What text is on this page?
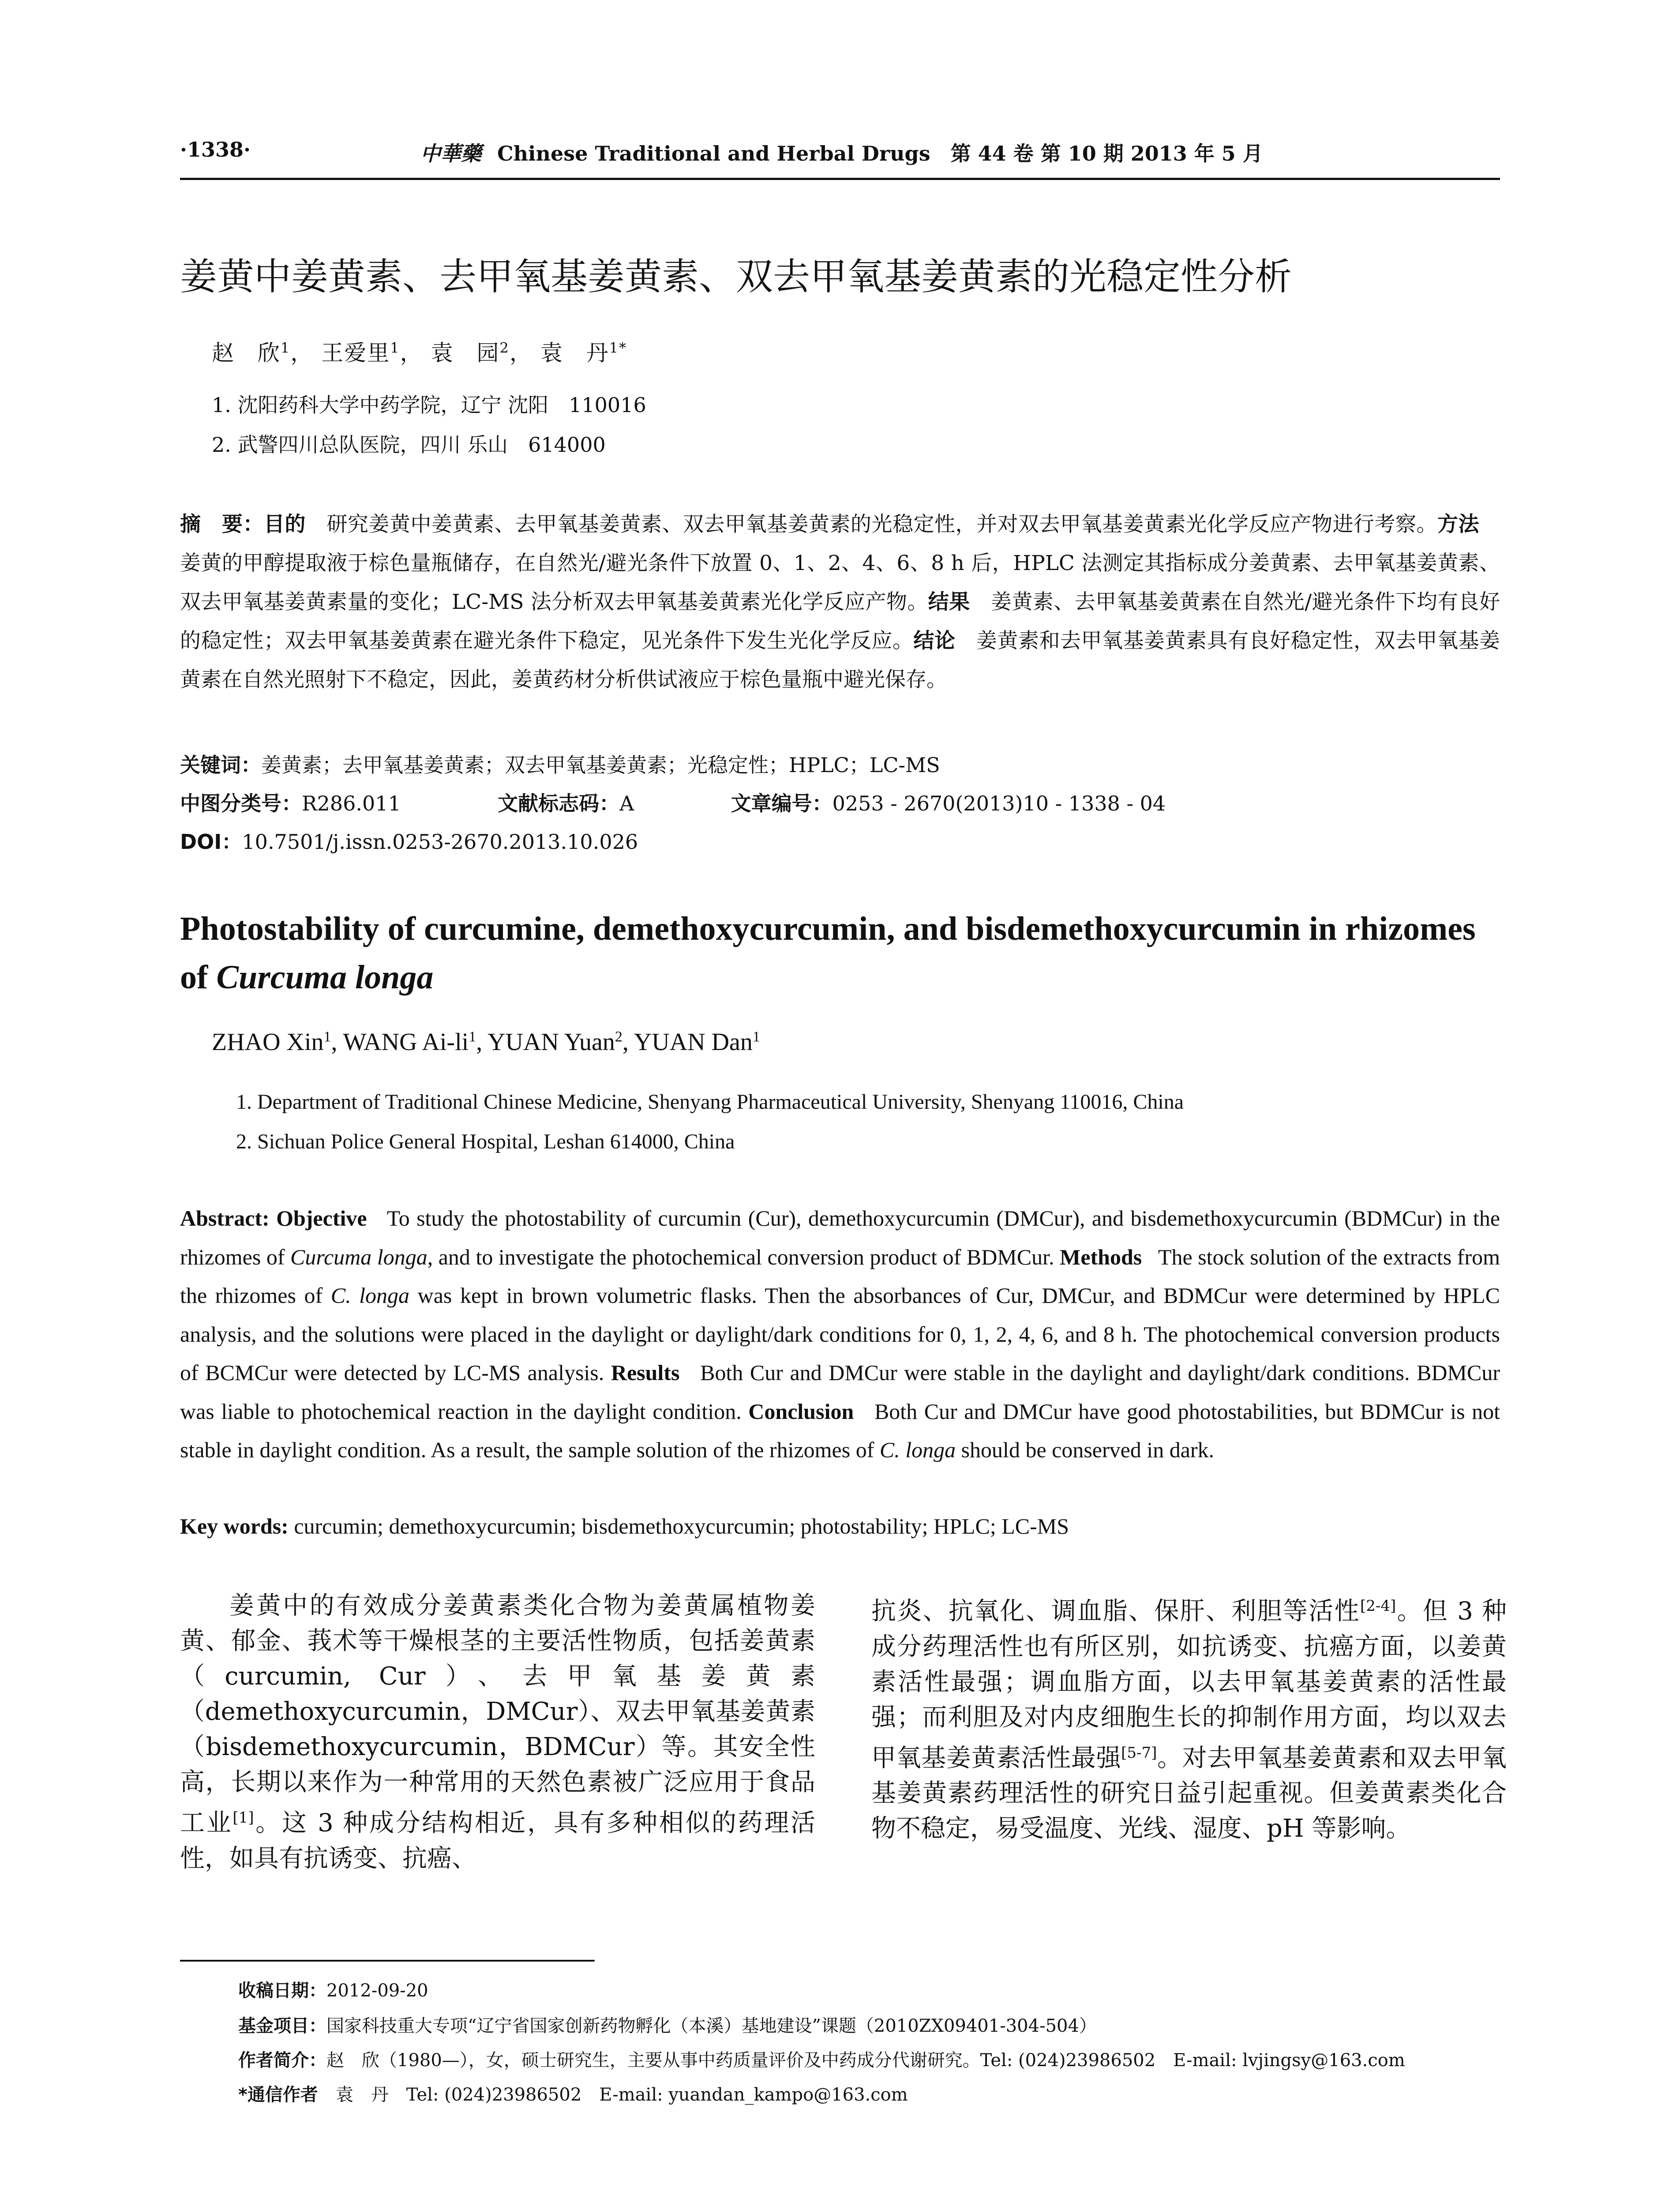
·1338·	中華藥 Chinese Traditional and Herbal Drugs　第 44 卷 第 10 期 2013 年 5 月
姜黄中姜黄素、去甲氧基姜黄素、双去甲氧基姜黄素的光稳定性分析
赵　欣$^1$， 王爱里$^1$， 袁　园$^2$， 袁　丹$^{1*}$
1. 沈阳药科大学中药学院，辽宁 沈阳　110016
2. 武警四川总队医院，四川 乐山　614000
摘　要：目的　研究姜黄中姜黄素、去甲氧基姜黄素、双去甲氧基姜黄素的光稳定性，并对双去甲氧基姜黄素光化学反应产物进行考察。方法　姜黄的甲醇提取液于棕色量瓶储存，在自然光/避光条件下放置 0、1、2、4、6、8 h 后，HPLC 法测定其指标成分姜黄素、去甲氧基姜黄素、双去甲氧基姜黄素量的变化；LC-MS 法分析双去甲氧基姜黄素光化学反应产物。结果　姜黄素、去甲氧基姜黄素在自然光/避光条件下均有良好的稳定性；双去甲氧基姜黄素在避光条件下稳定，见光条件下发生光化学反应。结论　姜黄素和去甲氧基姜黄素具有良好稳定性，双去甲氧基姜黄素在自然光照射下不稳定，因此，姜黄药材分析供试液应于棕色量瓶中避光保存。
关键词：姜黄素；去甲氧基姜黄素；双去甲氧基姜黄素；光稳定性；HPLC；LC-MS
中图分类号：R286.011	文献标志码：A	文章编号：0253 - 2670(2013)10 - 1338 - 04
DOI：10.7501/j.issn.0253-2670.2013.10.026
Photostability of curcumine, demethoxycurcumin, and bisdemethoxycurcumin in rhizomes of Curcuma longa
ZHAO Xin$^1$, WANG $Ai-li^1$, YUAN Yuan$^2$, YUAN Dan$^1$
1. Department of Traditional Chinese Medicine, Shenyang Pharmaceutical University, Shenyang 110016, China
2. Sichuan Police General Hospital, Leshan 614000, China
Abstract: Objective To study the photostability of curcumin (Cur), demethoxycurcumin (DMCur), and bisdemethoxycurcumin (BDMCur) in the rhizomes of Curcuma longa, and to investigate the photochemical conversion product of BDMCur. Methods The stock solution of the extracts from the rhizomes of C. longa was kept in brown volumetric flasks. Then the absorbances of Cur, DMCur, and BDMCur were determined by HPLC analysis, and the solutions were placed in the daylight or daylight/dark conditions for 0, 1, 2, 4, 6, and 8 h. The photochemical conversion products of BCMCur were detected by LC-MS analysis. Results Both Cur and DMCur were stable in the daylight and daylight/dark conditions. BDMCur was liable to photochemical reaction in the daylight condition. Conclusion Both Cur and DMCur have good photostabilities, but BDMCur is not stable in daylight condition. As a result, the sample solution of the rhizomes of C. longa should be conserved in dark.
Key words: curcumin; demethoxycurcumin; bisdemethoxycurcumin; photostability; HPLC; LC-MS
姜黄中的有效成分姜黄素类化合物为姜黄属植物姜黄、郁金、莪术等干燥根茎的主要活性物质，包括姜黄素（curcumin, Cur）、去甲氧基姜黄素（demethoxycurcumin，DMCur）、双去甲氧基姜黄素（bisdemethoxycurcumin，BDMCur）等。其安全性高，长期以来作为一种常用的天然色素被广泛应用于食品工业[1]。这 3 种成分结构相近，具有多种相似的药理活性，如具有抗诱变、抗癌、
抗炎、抗氧化、调血脂、保肝、利胆等活性[2-4]。但 3 种成分药理活性也有所区别，如抗诱变、抗癌方面，以姜黄素活性最强；调血脂方面，以去甲氧基姜黄素的活性最强；而利胆及对内皮细胞生长的抑制作用方面，均以双去甲氧基姜黄素活性最强[5-7]。对去甲氧基姜黄素和双去甲氧基姜黄素药理活性的研究日益引起重视。但姜黄素类化合物不稳定，易受温度、光线、湿度、pH 等影响。
收稿日期：2012-09-20
基金项目：国家科技重大专项“辽宁省国家创新药物孵化（本溪）基地建设”课题（2010ZX09401-304-504）
作者简介：赵　欣（1980—），女，硕士研究生，主要从事中药质量评价及中药成分代谢研究。Tel: (024)23986502　E-mail: lvjingsy@163.com
*通信作者　袁　丹　Tel: (024)23986502　E-mail: yuandan_kampo@163.com
